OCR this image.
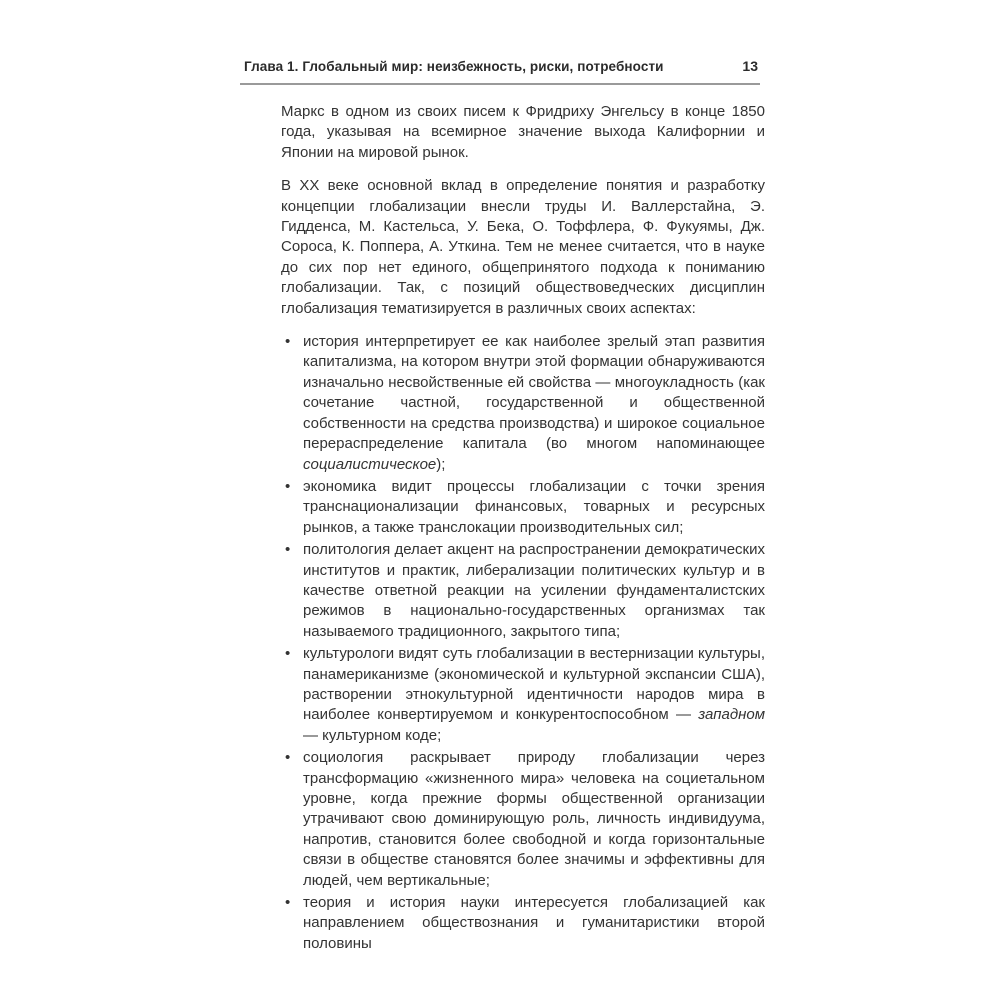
Глава 1. Глобальный мир: неизбежность, риски, потребности	13

Маркс в одном из своих писем к Фридриху Энгельсу в конце 1850 года, указывая на всемирное значение выхода Калифорнии и Японии на мировой рынок.

В XX веке основной вклад в определение понятия и разработку концепции глобализации внесли труды И. Валлерстайна, Э. Гидденса, М. Кастельса, У. Бека, О. Тоффлера, Ф. Фукуямы, Дж. Сороса, К. Поппера, А. Уткина. Тем не менее считается, что в науке до сих пор нет единого, общепринятого подхода к пониманию глобализации. Так, с позиций обществоведческих дисциплин глобализация тематизируется в различных своих аспектах:

• история интерпретирует ее как наиболее зрелый этап развития капитализма, на котором внутри этой формации обнаруживаются изначально несвойственные ей свойства — многоукладность (как сочетание частной, государственной и общественной собственности на средства производства) и широкое социальное перераспределение капитала (во многом напоминающее социалистическое);
• экономика видит процессы глобализации с точки зрения транснационализации финансовых, товарных и ресурсных рынков, а также транслокации производительных сил;
• политология делает акцент на распространении демократических институтов и практик, либерализации политических культур и в качестве ответной реакции на усилении фундаменталистских режимов в национально-государственных организмах так называемого традиционного, закрытого типа;
• культурологи видят суть глобализации в вестернизации культуры, панамериканизме (экономической и культурной экспансии США), растворении этнокультурной идентичности народов мира в наиболее конвертируемом и конкурентоспособном — западном — культурном коде;
• социология раскрывает природу глобализации через трансформацию «жизненного мира» человека на социетальном уровне, когда прежние формы общественной организации утрачивают свою доминирующую роль, личность индивидуума, напротив, становится более свободной и когда горизонтальные связи в обществе становятся более значимы и эффективны для людей, чем вертикальные;
• теория и история науки интересуется глобализацией как направлением обществознания и гуманитаристики второй половины
